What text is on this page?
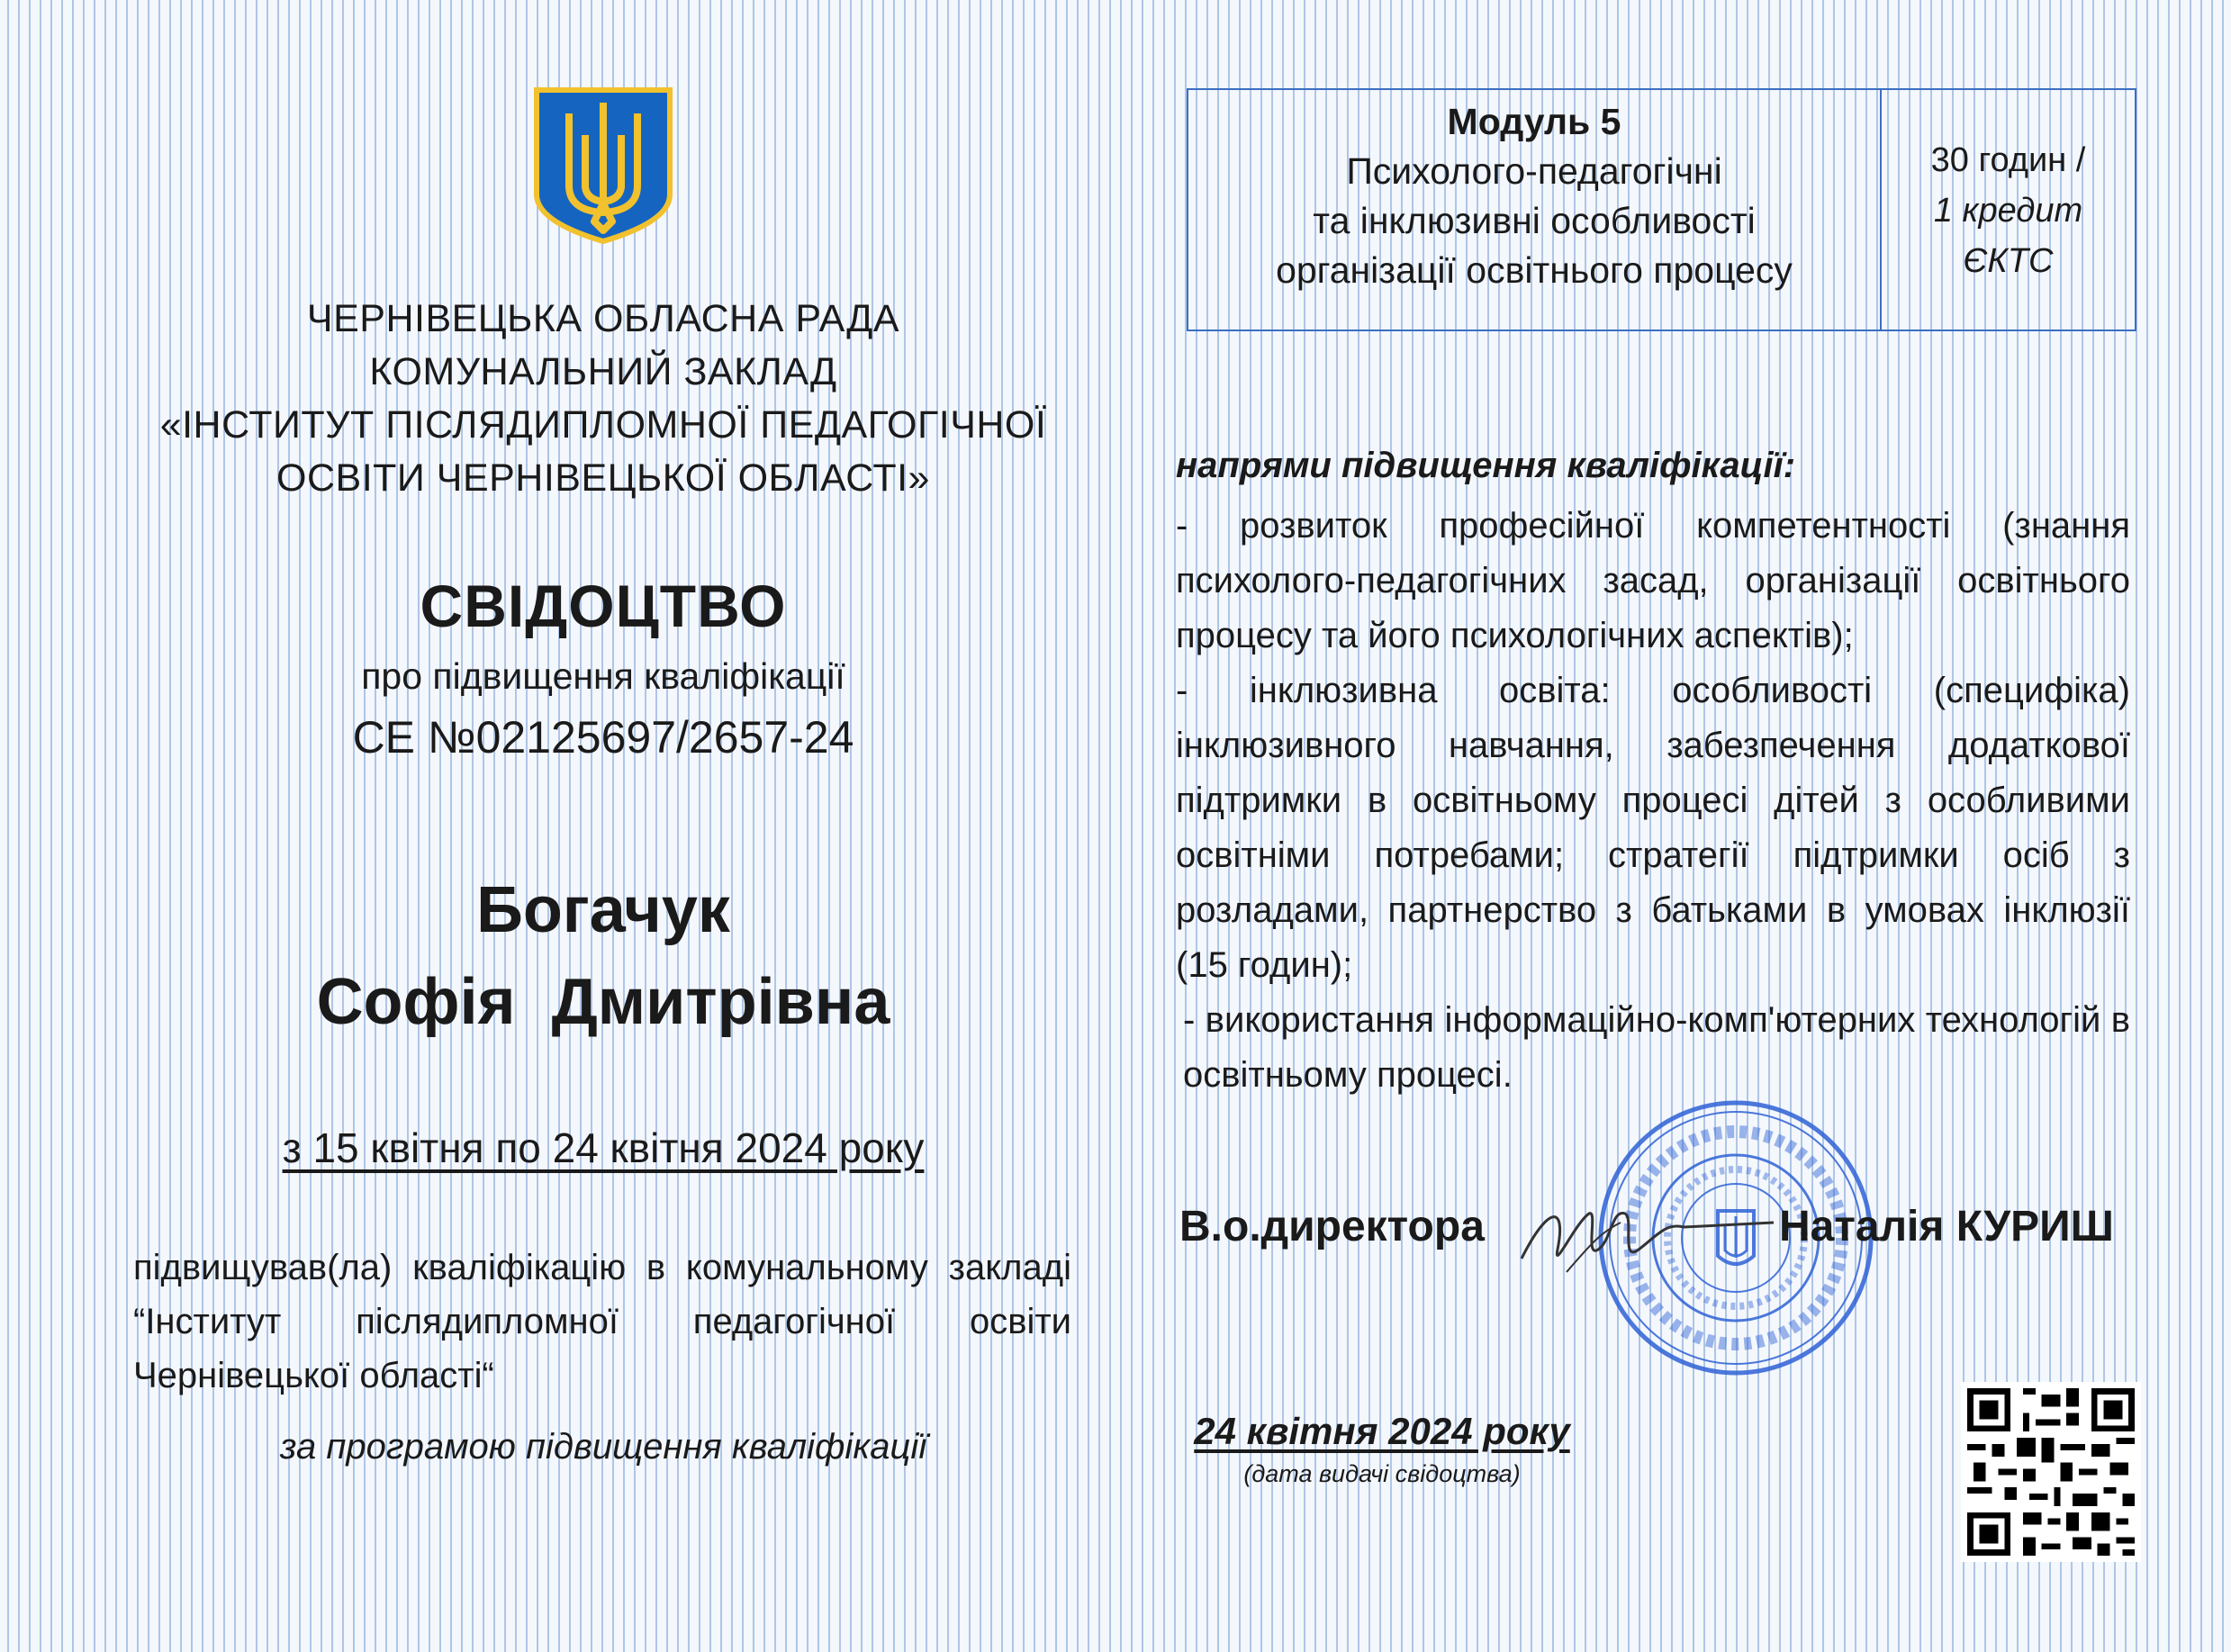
ЧЕРНІВЕЦЬКА ОБЛАСНА РАДА
КОМУНАЛЬНИЙ ЗАКЛАД
«ІНСТИТУТ ПІСЛЯДИПЛОМНОЇ ПЕДАГОГІЧНОЇ
ОСВІТИ ЧЕРНІВЕЦЬКОЇ ОБЛАСТІ»
СВІДОЦТВО
про підвищення кваліфікації
СЕ №02125697/2657-24
Богачук
Софія  Дмитрівна
з 15 квітня по 24 квітня 2024 року
підвищував(ла) кваліфікацію в комунальному закладі “Інститут післядипломної педагогічної освіти Чернівецької області“
за програмою підвищення кваліфікації
Модуль 5
Психолого-педагогічні
та інклюзивні особливості
організації освітнього процесу
30 годин /
1 кредит
ЄКТС
напрями підвищення кваліфікації:

- розвиток професійної компетентності (знання психолого-педагогічних засад, організації освітнього процесу та його психологічних аспектів);

- інклюзивна освіта: особливості (специфіка) інклюзивного навчання, забезпечення додаткової підтримки в освітньому процесі дітей з особливими освітніми потребами; стратегії підтримки осіб з розладами, партнерство з батьками в умовах інклюзії (15 годин);

- використання інформаційно-комп'ютерних технологій в освітньому процесі.

В.о.директора	Наталія КУРИШ
24 квітня 2024 року
(дата видачі свідоцтва)
